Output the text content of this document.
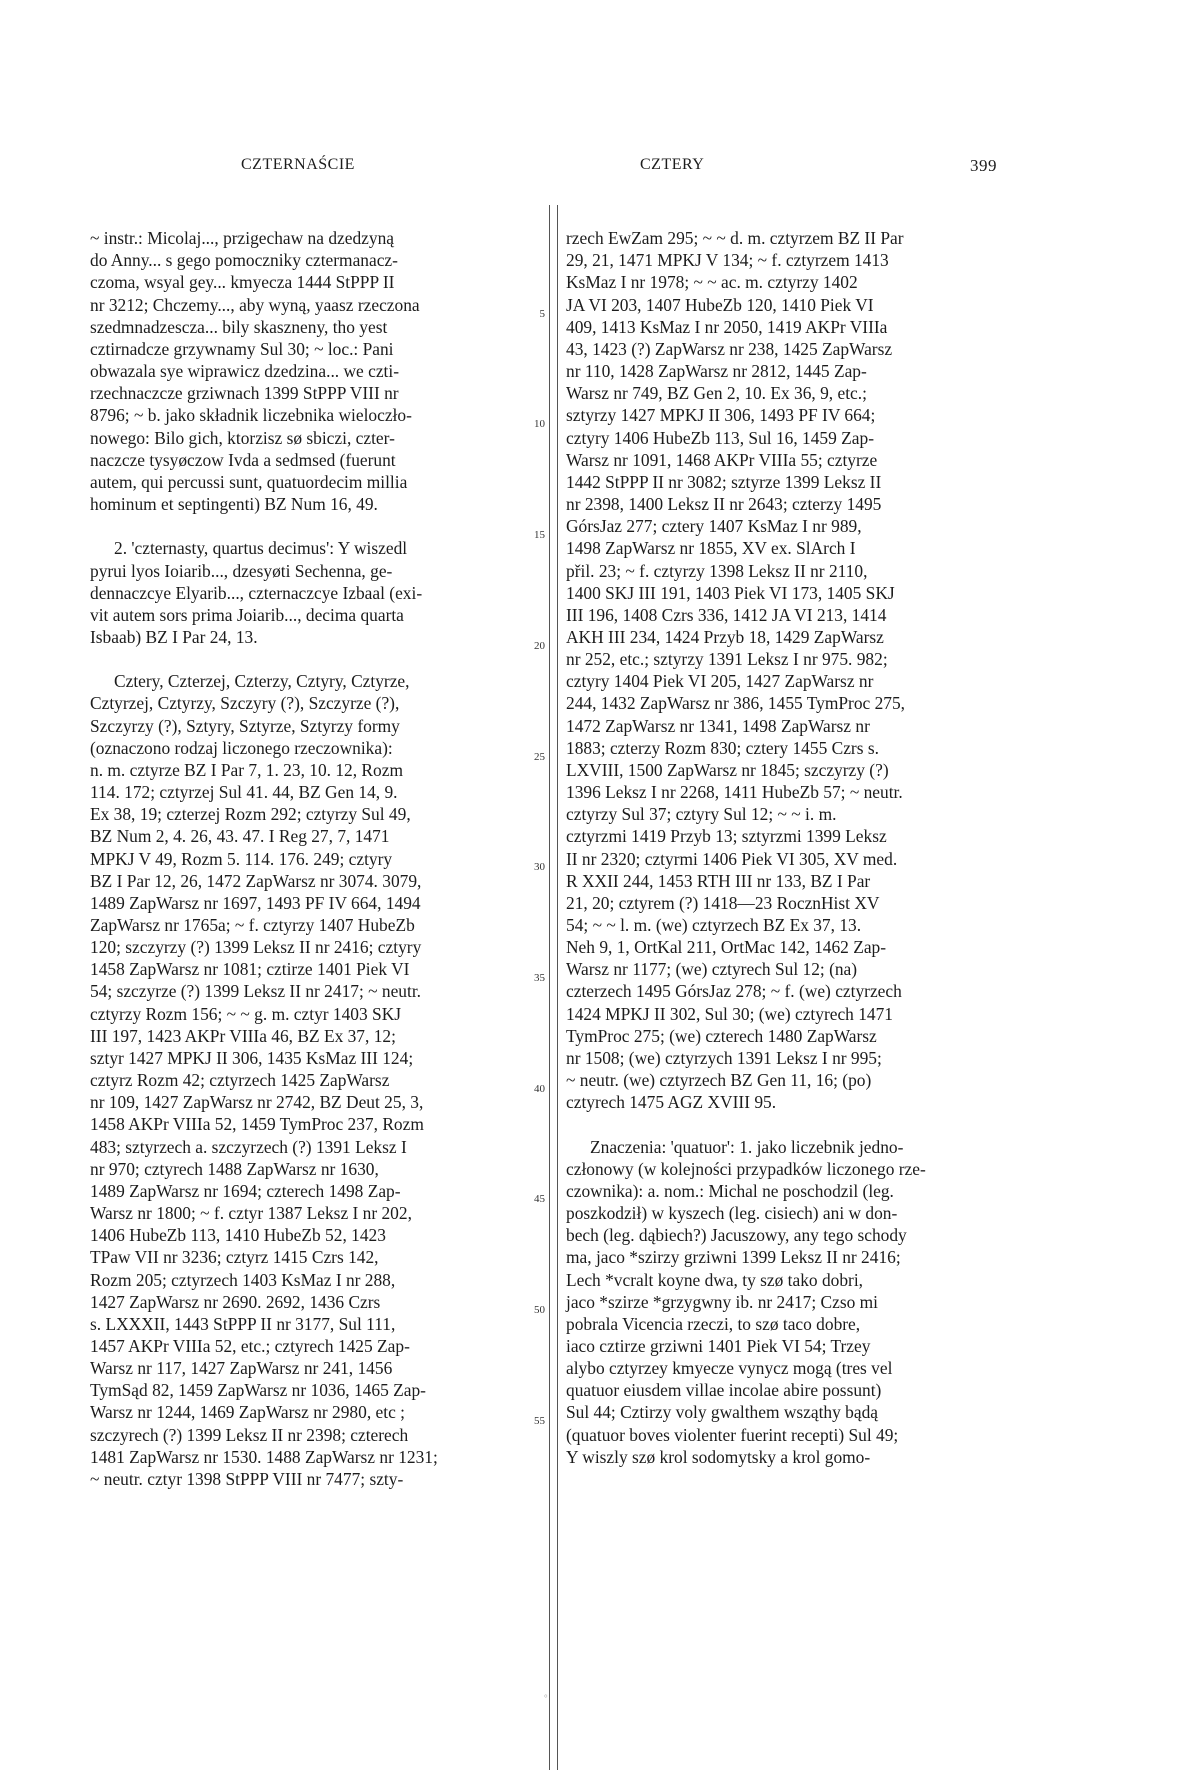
CZTERNAŚCIE	CZTERY	399

~ instr.: Micolaj..., przigechaw na dzedzyną
do Anny... s gego pomoczniky cztermanacz-
czoma, wsyal gey... kmyecza 1444 StPPP II
nr 3212; Chczemy..., aby wyną, yaasz rzeczona
szedmnadzescza... bily skaszneny, tho yest
cztirnadcze grzywnamy Sul 30; ~ loc.: Pani
obwazala sye wiprawicz dzedzina... we czti-
rzechnaczcze grziwnach 1399 StPPP VIII nr
8796; ~ b. jako składnik liczebnika wieloczło-
nowego: Bilo gich, ktorzisz sø sbiczi, czter-
naczcze tysyøczow Ivda a sedmsed (fuerunt
autem, qui percussi sunt, quatuordecim millia
hominum et septingenti) BZ Num 16, 49.

2. 'czternasty, quartus decimus': Y wiszedl
pyrui lyos Ioiarib..., dzesyøti Sechenna, ge-
dennaczcye Elyarib..., czternaczcye Izbaal (exi-
vit autem sors prima Joiarib..., decima quarta
Isbaab) BZ I Par 24, 13.

Cztery, Czterzej, Czterzy, Cztyry, Cztyrze,
Cztyrzej, Cztyrzy, Szczyry (?), Szczyrze (?),
Szczyrzy (?), Sztyry, Sztyrze, Sztyrzy formy
(oznaczono rodzaj liczonego rzeczownika):
n. m. cztyrze BZ I Par 7, 1. 23, 10. 12, Rozm
114. 172; cztyrzej Sul 41. 44, BZ Gen 14, 9.
Ex 38, 19; czterzej Rozm 292; cztyrzy Sul 49,
BZ Num 2, 4. 26, 43. 47. I Reg 27, 7, 1471
MPKJ V 49, Rozm 5. 114. 176. 249; cztyry
BZ I Par 12, 26, 1472 ZapWarsz nr 3074. 3079,
1489 ZapWarsz nr 1697, 1493 PF IV 664, 1494
ZapWarsz nr 1765a; ~ f. cztyrzy 1407 HubeZb
120; szczyrzy (?) 1399 Leksz II nr 2416; cztyry
1458 ZapWarsz nr 1081; cztirze 1401 Piek VI
54; szczyrze (?) 1399 Leksz II nr 2417; ~ neutr.
cztyrzy Rozm 156; ~ ~ g. m. cztyr 1403 SKJ
III 197, 1423 AKPr VIIIa 46, BZ Ex 37, 12;
sztyr 1427 MPKJ II 306, 1435 KsMaz III 124;
cztyrz Rozm 42; cztyrzech 1425 ZapWarsz
nr 109, 1427 ZapWarsz nr 2742, BZ Deut 25, 3,
1458 AKPr VIIIa 52, 1459 TymProc 237, Rozm
483; sztyrzech a. szczyrzech (?) 1391 Leksz I
nr 970; cztyrech 1488 ZapWarsz nr 1630,
1489 ZapWarsz nr 1694; czterech 1498 Zap-
Warsz nr 1800; ~ f. cztyr 1387 Leksz I nr 202,
1406 HubeZb 113, 1410 HubeZb 52, 1423
TPaw VII nr 3236; cztyrz 1415 Czrs 142,
Rozm 205; cztyrzech 1403 KsMaz I nr 288,
1427 ZapWarsz nr 2690. 2692, 1436 Czrs
s. LXXXII, 1443 StPPP II nr 3177, Sul 111,
1457 AKPr VIIIa 52, etc.; cztyrech 1425 Zap-
Warsz nr 117, 1427 ZapWarsz nr 241, 1456
TymSąd 82, 1459 ZapWarsz nr 1036, 1465 Zap-
Warsz nr 1244, 1469 ZapWarsz nr 2980, etc ;
szczyrech (?) 1399 Leksz II nr 2398; czterech
1481 ZapWarsz nr 1530. 1488 ZapWarsz nr 1231;
~ neutr. cztyr 1398 StPPP VIII nr 7477; szty-

5
10
15
20
25
30
35
40
45
50
55

rzech EwZam 295; ~ ~ d. m. cztyrzem BZ II Par
29, 21, 1471 MPKJ V 134; ~ f. cztyrzem 1413
KsMaz I nr 1978; ~ ~ ac. m. cztyrzy 1402
JA VI 203, 1407 HubeZb 120, 1410 Piek VI
409, 1413 KsMaz I nr 2050, 1419 AKPr VIIIa
43, 1423 (?) ZapWarsz nr 238, 1425 ZapWarsz
nr 110, 1428 ZapWarsz nr 2812, 1445 Zap-
Warsz nr 749, BZ Gen 2, 10. Ex 36, 9, etc.;
sztyrzy 1427 MPKJ II 306, 1493 PF IV 664;
cztyry 1406 HubeZb 113, Sul 16, 1459 Zap-
Warsz nr 1091, 1468 AKPr VIIIa 55; cztyrze
1442 StPPP II nr 3082; sztyrze 1399 Leksz II
nr 2398, 1400 Leksz II nr 2643; czterzy 1495
GórsJaz 277; cztery 1407 KsMaz I nr 989,
1498 ZapWarsz nr 1855, XV ex. SlArch I
přil. 23; ~ f. cztyrzy 1398 Leksz II nr 2110,
1400 SKJ III 191, 1403 Piek VI 173, 1405 SKJ
III 196, 1408 Czrs 336, 1412 JA VI 213, 1414
AKH III 234, 1424 Przyb 18, 1429 ZapWarsz
nr 252, etc.; sztyrzy 1391 Leksz I nr 975. 982;
cztyry 1404 Piek VI 205, 1427 ZapWarsz nr
244, 1432 ZapWarsz nr 386, 1455 TymProc 275,
1472 ZapWarsz nr 1341, 1498 ZapWarsz nr
1883; czterzy Rozm 830; cztery 1455 Czrs s.
LXVIII, 1500 ZapWarsz nr 1845; szczyrzy (?)
1396 Leksz I nr 2268, 1411 HubeZb 57; ~ neutr.
cztyrzy Sul 37; cztyry Sul 12; ~ ~ i. m.
cztyrzmi 1419 Przyb 13; sztyrzmi 1399 Leksz
II nr 2320; cztyrmi 1406 Piek VI 305, XV med.
R XXII 244, 1453 RTH III nr 133, BZ I Par
21, 20; cztyrem (?) 1418—23 RocznHist XV
54; ~ ~ l. m. (we) cztyrzech BZ Ex 37, 13.
Neh 9, 1, OrtKal 211, OrtMac 142, 1462 Zap-
Warsz nr 1177; (we) cztyrech Sul 12; (na)
czterzech 1495 GórsJaz 278; ~ f. (we) cztyrzech
1424 MPKJ II 302, Sul 30; (we) cztyrech 1471
TymProc 275; (we) czterech 1480 ZapWarsz
nr 1508; (we) cztyrzych 1391 Leksz I nr 995;
~ neutr. (we) cztyrzech BZ Gen 11, 16; (po)
cztyrech 1475 AGZ XVIII 95.

Znaczenia: 'quatuor': 1. jako liczebnik jedno-
członowy (w kolejności przypadków liczonego rze-
czownika): a. nom.: Michal ne poschodzil (leg.
poszkodził) w kyszech (leg. cisiech) ani w don-
bech (leg. dąbiech?) Jacuszowy, any tego schody
ma, jaco *szirzy grziwni 1399 Leksz II nr 2416;
Lech *vcralt koyne dwa, ty szø tako dobri,
jaco *szirze *grzygwny ib. nr 2417; Czso mi
pobrala Vicencia rzeczi, to szø taco dobre,
iaco cztirze grziwni 1401 Piek VI 54; Trzey
alybo cztyrzey kmyecze vynycz mogą (tres vel
quatuor eiusdem villae incolae abire possunt)
Sul 44; Cztirzy voly gwalthem wsząthy bądą
(quatuor boves violenter fuerint recepti) Sul 49;
Y wiszly szø krol sodomytsky a krol gomo-

°
